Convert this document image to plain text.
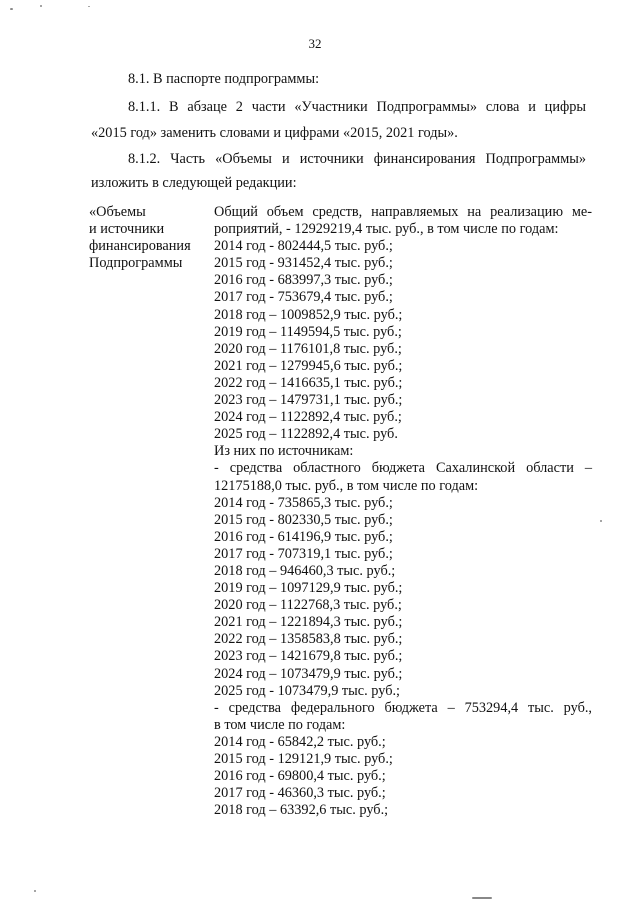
32
8.1. В паспорте подпрограммы:
8.1.1. В абзаце 2 части «Участники Подпрограммы» слова и цифры
«2015 год» заменить словами и цифрами «2015, 2021 годы».
8.1.2. Часть «Объемы и источники финансирования Подпрограммы»
изложить в следующей редакции:
«Объемы
и источники
финансирования
Подпрограммы
Общий объем средств, направляемых на реализацию ме-
роприятий, - 12929219,4 тыс. руб., в том числе по годам:
2014 год - 802444,5 тыс. руб.;
2015 год - 931452,4 тыс. руб.;
2016 год - 683997,3 тыс. руб.;
2017 год - 753679,4 тыс. руб.;
2018 год – 1009852,9 тыс. руб.;
2019 год – 1149594,5 тыс. руб.;
2020 год – 1176101,8 тыс. руб.;
2021 год – 1279945,6 тыс. руб.;
2022 год – 1416635,1 тыс. руб.;
2023 год – 1479731,1 тыс. руб.;
2024 год – 1122892,4 тыс. руб.;
2025 год – 1122892,4 тыс. руб.
Из них по источникам:
- средства областного бюджета Сахалинской области –
12175188,0 тыс. руб., в том числе по годам:
2014 год - 735865,3 тыс. руб.;
2015 год - 802330,5 тыс. руб.;
2016 год - 614196,9 тыс. руб.;
2017 год - 707319,1 тыс. руб.;
2018 год – 946460,3 тыс. руб.;
2019 год – 1097129,9 тыс. руб.;
2020 год – 1122768,3 тыс. руб.;
2021 год – 1221894,3 тыс. руб.;
2022 год – 1358583,8 тыс. руб.;
2023 год – 1421679,8 тыс. руб.;
2024 год – 1073479,9 тыс. руб.;
2025 год - 1073479,9 тыс. руб.;
- средства федерального бюджета – 753294,4 тыс. руб.,
в том числе по годам:
2014 год - 65842,2 тыс. руб.;
2015 год - 129121,9 тыс. руб.;
2016 год - 69800,4 тыс. руб.;
2017 год - 46360,3 тыс. руб.;
2018 год – 63392,6 тыс. руб.;
